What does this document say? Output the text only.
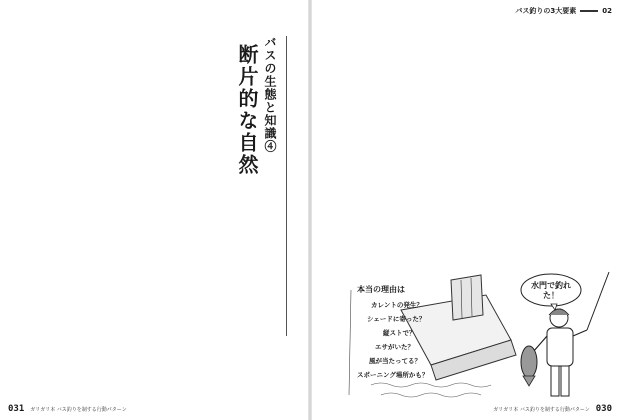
バスの生態と知識④
断片的な自然
031 ガリガリ本 バス釣りを制する行動パターン
バス釣りの3大要素	02

水門で釣れた！
本当の理由は
カレントの発生？
シェードに寄った？
縦ストで？
エサがいた？
風が当たってる？
スポーニング場所かも？
ガリガリ本 バス釣りを制する行動パターン 030
